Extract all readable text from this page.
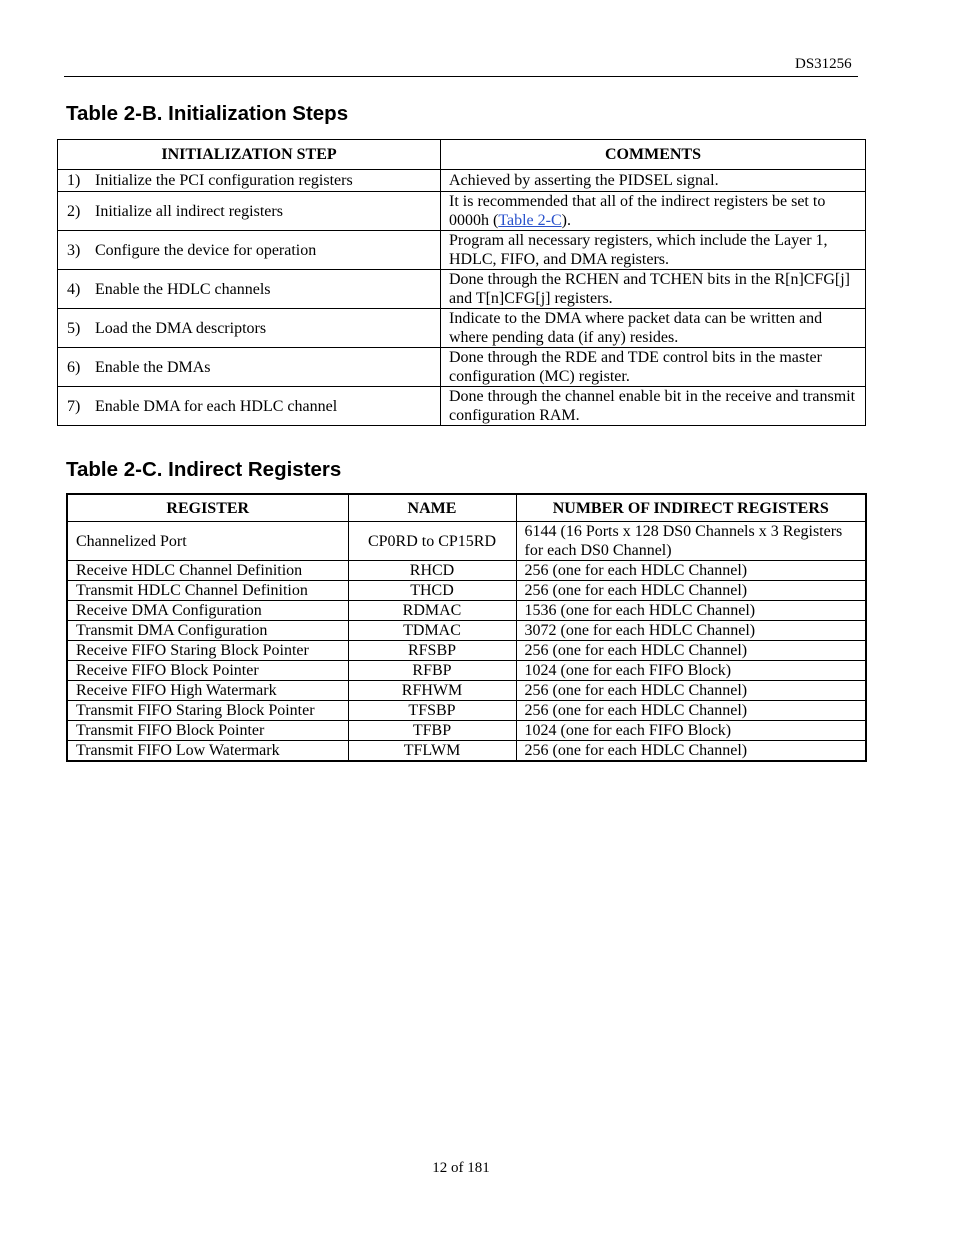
DS31256
Table 2-B. Initialization Steps
INITIALIZATION STEP	COMMENTS
1) Initialize the PCI configuration registers	Achieved by asserting the PIDSEL signal.
2) Initialize all indirect registers	It is recommended that all of the indirect registers be set to 0000h (Table 2-C).
3) Configure the device for operation	Program all necessary registers, which include the Layer 1, HDLC, FIFO, and DMA registers.
4) Enable the HDLC channels	Done through the RCHEN and TCHEN bits in the R[n]CFG[j] and T[n]CFG[j] registers.
5) Load the DMA descriptors	Indicate to the DMA where packet data can be written and where pending data (if any) resides.
6) Enable the DMAs	Done through the RDE and TDE control bits in the master configuration (MC) register.
7) Enable DMA for each HDLC channel	Done through the channel enable bit in the receive and transmit configuration RAM.
Table 2-C. Indirect Registers
REGISTER	NAME	NUMBER OF INDIRECT REGISTERS
Channelized Port	CP0RD to CP15RD	6144 (16 Ports x 128 DS0 Channels x 3 Registers for each DS0 Channel)
Receive HDLC Channel Definition	RHCD	256 (one for each HDLC Channel)
Transmit HDLC Channel Definition	THCD	256 (one for each HDLC Channel)
Receive DMA Configuration	RDMAC	1536 (one for each HDLC Channel)
Transmit DMA Configuration	TDMAC	3072 (one for each HDLC Channel)
Receive FIFO Staring Block Pointer	RFSBP	256 (one for each HDLC Channel)
Receive FIFO Block Pointer	RFBP	1024 (one for each FIFO Block)
Receive FIFO High Watermark	RFHWM	256 (one for each HDLC Channel)
Transmit FIFO Staring Block Pointer	TFSBP	256 (one for each HDLC Channel)
Transmit FIFO Block Pointer	TFBP	1024 (one for each FIFO Block)
Transmit FIFO Low Watermark	TFLWM	256 (one for each HDLC Channel)
12 of 181
